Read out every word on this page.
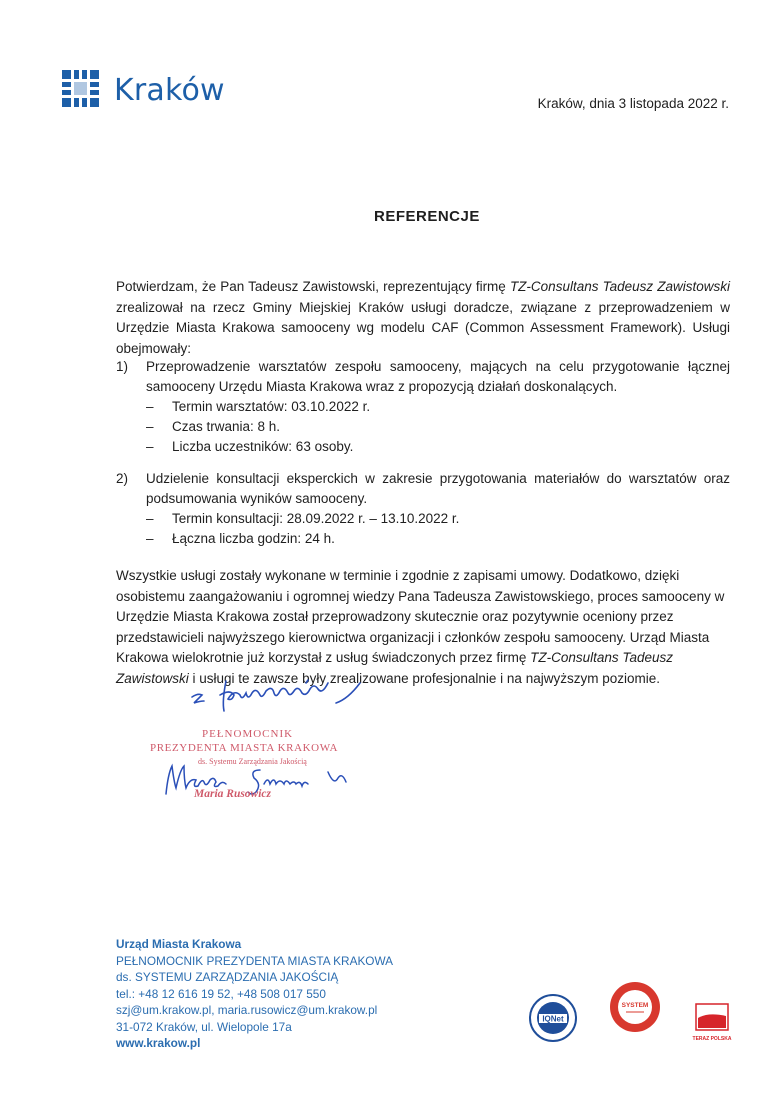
Kraków	Kraków, dnia 3 listopada 2022 r.
REFERENCJE
Potwierdzam, że Pan Tadeusz Zawistowski, reprezentujący firmę TZ-Consultans Tadeusz Zawistowski zrealizował na rzecz Gminy Miejskiej Kraków usługi doradcze, związane z przeprowadzeniem w Urzędzie Miasta Krakowa samooceny wg modelu CAF (Common Assessment Framework). Usługi obejmowały:
1) Przeprowadzenie warsztatów zespołu samooceny, mających na celu przygotowanie łącznej samooceny Urzędu Miasta Krakowa wraz z propozycją działań doskonalących.
– Termin warsztatów: 03.10.2022 r.
– Czas trwania: 8 h.
– Liczba uczestników: 63 osoby.
2) Udzielenie konsultacji eksperckich w zakresie przygotowania materiałów do warsztatów oraz podsumowania wyników samooceny.
– Termin konsultacji: 28.09.2022 r. – 13.10.2022 r.
– Łączna liczba godzin: 24 h.
Wszystkie usługi zostały wykonane w terminie i zgodnie z zapisami umowy. Dodatkowo, dzięki osobistemu zaangażowaniu i ogromnej wiedzy Pana Tadeusza Zawistowskiego, proces samooceny w Urzędzie Miasta Krakowa został przeprowadzony skutecznie oraz pozytywnie oceniony przez przedstawicieli najwyższego kierownictwa organizacji i członków zespołu samooceny. Urząd Miasta Krakowa wielokrotnie już korzystał z usług świadczonych przez firmę TZ-Consultans Tadeusz Zawistowski i usługi te zawsze były zrealizowane profesjonalnie i na najwyższym poziomie.
PEŁNOMOCNIK
PREZYDENTA MIASTA KRAKOWA
ds. Systemu Zarządzania Jakością
Maria Rusowicz
Urząd Miasta Krakowa
PEŁNOMOCNIK PREZYDENTA MIASTA KRAKOWA
ds. SYSTEMU ZARZĄDZANIA JAKOŚCIĄ
tel.: +48 12 616 19 52, +48 508 017 550
szj@um.krakow.pl, maria.rusowicz@um.krakow.pl
31-072 Kraków, ul. Wielopole 17a
www.krakow.pl
IQNet
SYSTEM
TERAZ POLSKA
